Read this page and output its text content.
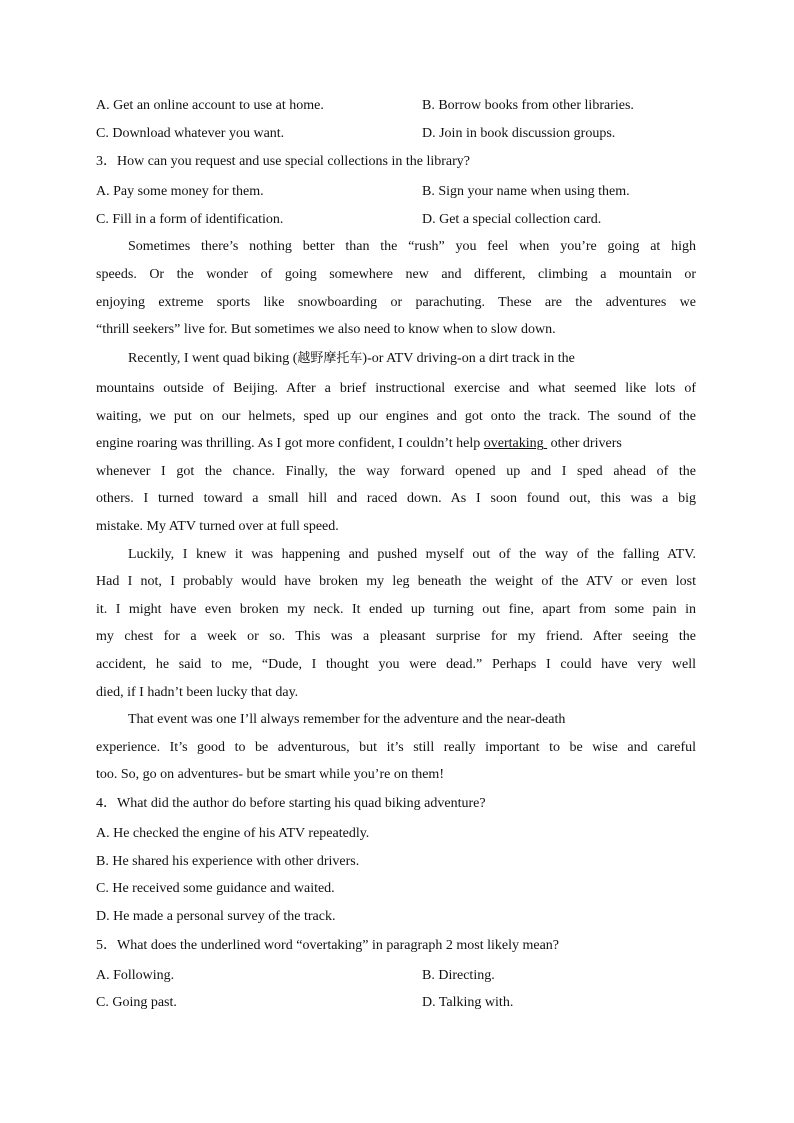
A. Get an online account to use at home.	B. Borrow books from other libraries.
C. Download whatever you want.	D. Join in book discussion groups.
3．How can you request and use special collections in the library?
A. Pay some money for them.	B. Sign your name when using them.
C. Fill in a form of identification.	D. Get a special collection card.
Sometimes there’s nothing better than the “rush” you feel when you’re going at high
speeds. Or the wonder of going somewhere new and different, climbing a mountain or
enjoying extreme sports like snowboarding or parachuting. These are the adventures we
“thrill seekers” live for. But sometimes we also need to know when to slow down.
Recently, I went quad biking (越野摩托车)-or ATV driving-on a dirt track in the
mountains outside of Beijing. After a brief instructional exercise and what seemed like lots of
waiting, we put on our helmets, sped up our engines and got onto the track. The sound of the
engine roaring was thrilling. As I got more confident, I couldn’t help overtaking  other drivers
whenever I got the chance. Finally, the way forward opened up and I sped ahead of the
others. I turned toward a small hill and raced down. As I soon found out, this was a big
mistake. My ATV turned over at full speed.
Luckily, I knew it was happening and pushed myself out of the way of the falling ATV.
Had I not, I probably would have broken my leg beneath the weight of the ATV or even lost
it. I might have even broken my neck. It ended up turning out fine, apart from some pain in
my chest for a week or so. This was a pleasant surprise for my friend. After seeing the
accident, he said to me, “Dude, I thought you were dead.” Perhaps I could have very well
died, if I hadn’t been lucky that day.
That event was one I’ll always remember for the adventure and the near-death
experience. It’s good to be adventurous, but it’s still really important to be wise and careful
too. So, go on adventures- but be smart while you’re on them!
4．What did the author do before starting his quad biking adventure?
A. He checked the engine of his ATV repeatedly.
B. He shared his experience with other drivers.
C. He received some guidance and waited.
D. He made a personal survey of the track.
5．What does the underlined word “overtaking” in paragraph 2 most likely mean?
A. Following.	B. Directing.
C. Going past.	D. Talking with.
